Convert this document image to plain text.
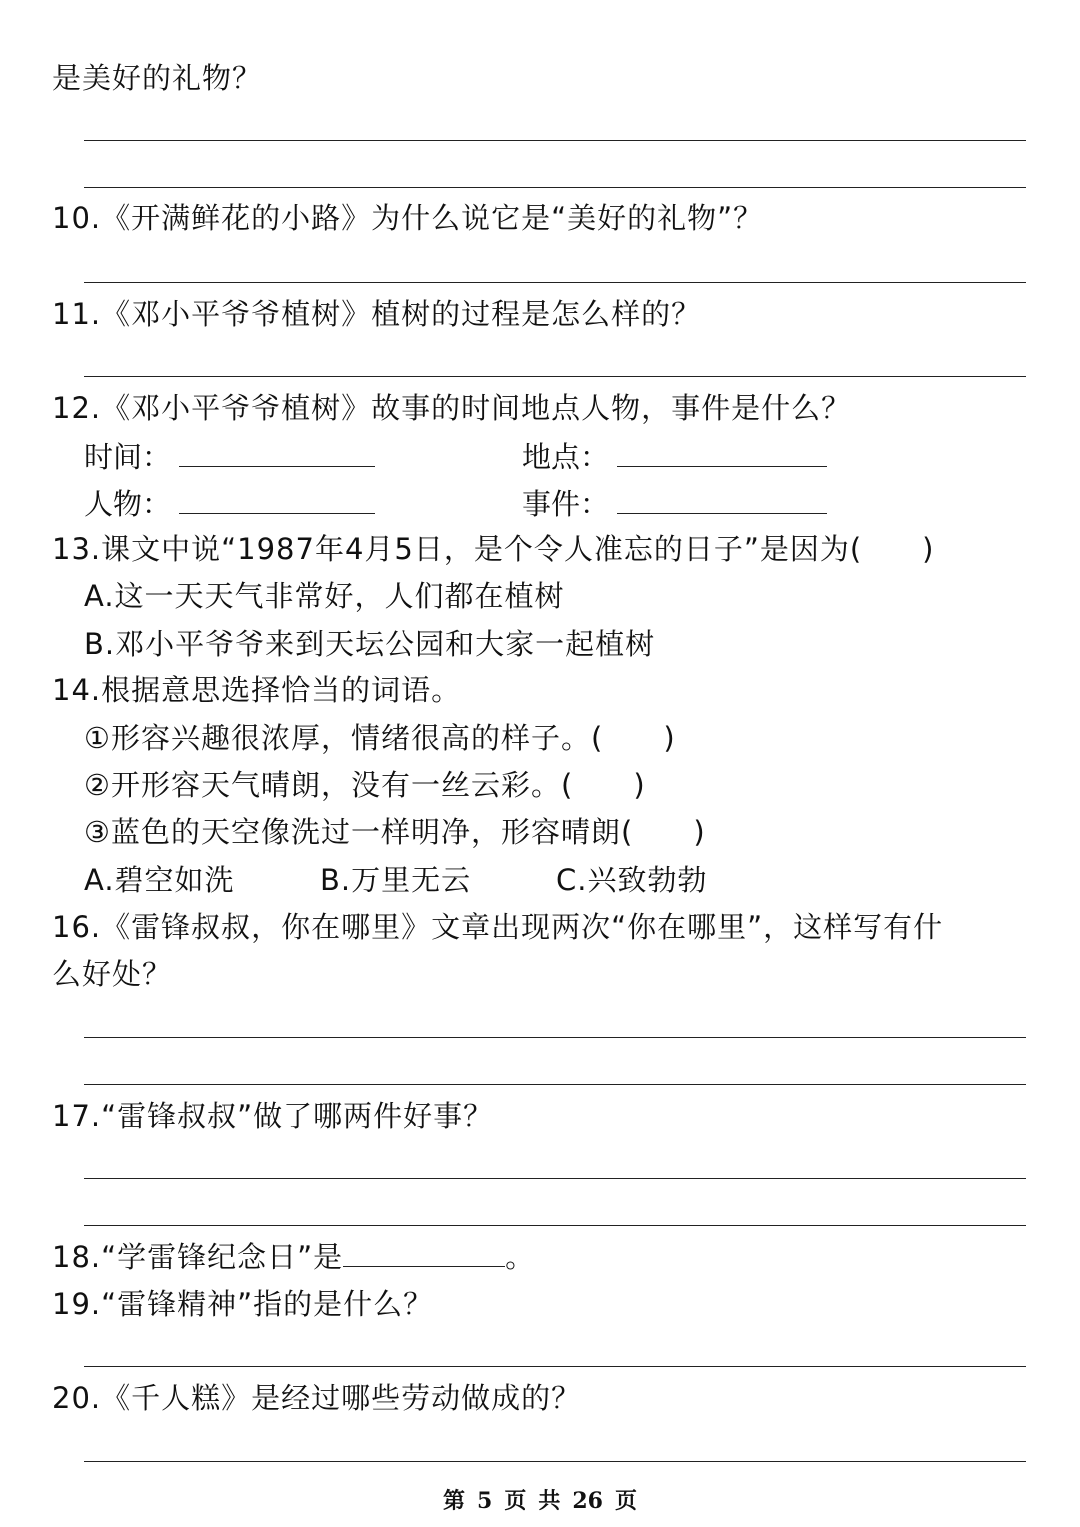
是美好的礼物？
10.《开满鲜花的小路》为什么说它是“美好的礼物”？
11.《邓小平爷爷植树》植树的过程是怎么样的？
12.《邓小平爷爷植树》故事的时间地点人物，事件是什么？
时间：	地点：
人物：	事件：
13.课文中说“1987年4月5日，是个令人准忘的日子”是因为(　　)
A.这一天天气非常好，人们都在植树
B.邓小平爷爷来到天坛公园和大家一起植树
14.根据意思选择恰当的词语。
①形容兴趣很浓厚，情绪很高的样子。(　　)
②开形容天气晴朗，没有一丝云彩。(　　)
③蓝色的天空像洗过一样明净，形容晴朗(　　)
A.碧空如洗	B.万里无云	C.兴致勃勃
16.《雷锋叔叔，你在哪里》文章出现两次“你在哪里”，这样写有什
么好处？
17.“雷锋叔叔”做了哪两件好事？
18.“学雷锋纪念日”是	。
19.“雷锋精神”指的是什么？
20.《千人糕》是经过哪些劳动做成的？
第 5 页 共 26 页
